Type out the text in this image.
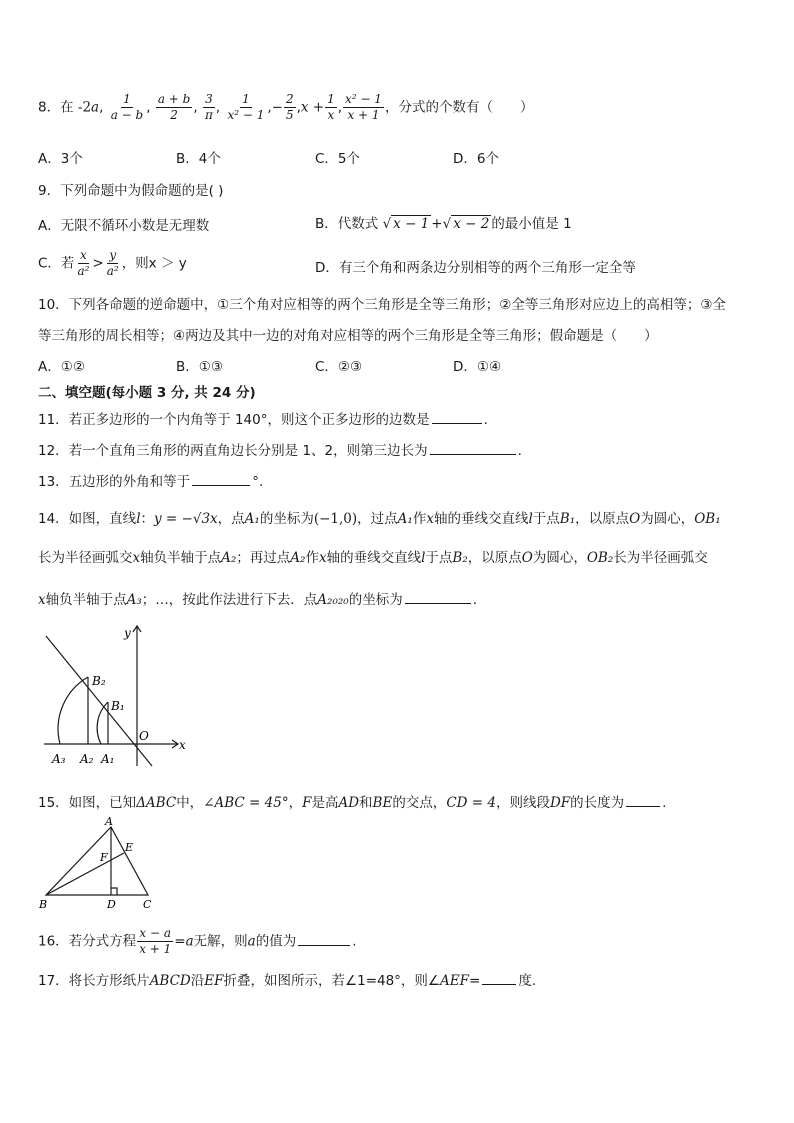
8．在 -2a, $\frac{1}{a - b}$ , $\frac{a + b}{2}$ , $\frac{3}{\pi}$ , $\frac{1}{\text{x² − 1}}$ ,− $\frac{2}{5} ,x + \frac{1}{x}$ , $\frac{\text{x² − 1}}{x + 1}$ ，分式的个数有（　　）
A．3个	B．4个	C．5个	D．6个
9．下列命题中为假命题的是( )
A．无限不循环小数是无理数	B．代数式 √ x − 1 +√ x − 2 的最小值是 1
C．若 $\frac{x}{\text{a²}} > \frac{y}{\text{a²}}$ ，则x ＞ y	D．有三个角和两条边分别相等的两个三角形一定全等
10．下列各命题的逆命题中，①三个角对应相等的两个三角形是全等三角形；②全等三角形对应边上的高相等；③全
等三角形的周长相等；④两边及其中一边的对角对应相等的两个三角形是全等三角形；假命题是（　　）
A．①②	B．①③	C．②③	D．①④
二、填空题(每小题 3 分, 共 24 分)
11．若正多边形的一个内角等于 140°，则这个正多边形的边数是	.
12．若一个直角三角形的两直角边长分别是 1、2，则第三边长为	.
13．五边形的外角和等于	°.
14．如图，直线l：y = −√3x，点A₁的坐标为(−1,0)，过点A₁作x轴的垂线交直线l于点B₁，以原点O为圆心，OB₁
长为半径画弧交x轴负半轴于点A₂；再过点A₂作x轴的垂线交直线l于点B₂，以原点O为圆心，OB₂长为半径画弧交
x轴负半轴于点A₃；…，按此作法进行下去．点A₂₀₂₀的坐标为	.
y
x
O
B₁
B₂
A₁
A₂
A₃
15．如图，已知ΔABC中，∠ABC = 45°，F是高AD和BE的交点，CD = 4，则线段DF的长度为	.
A
B	C
D
E
F
16．若分式方程 $\frac{x - a}{x + 1} =a$无解，则a的值为	.
17．将长方形纸片ABCD沿EF折叠，如图所示，若∠1=48°，则∠AEF=	度.
